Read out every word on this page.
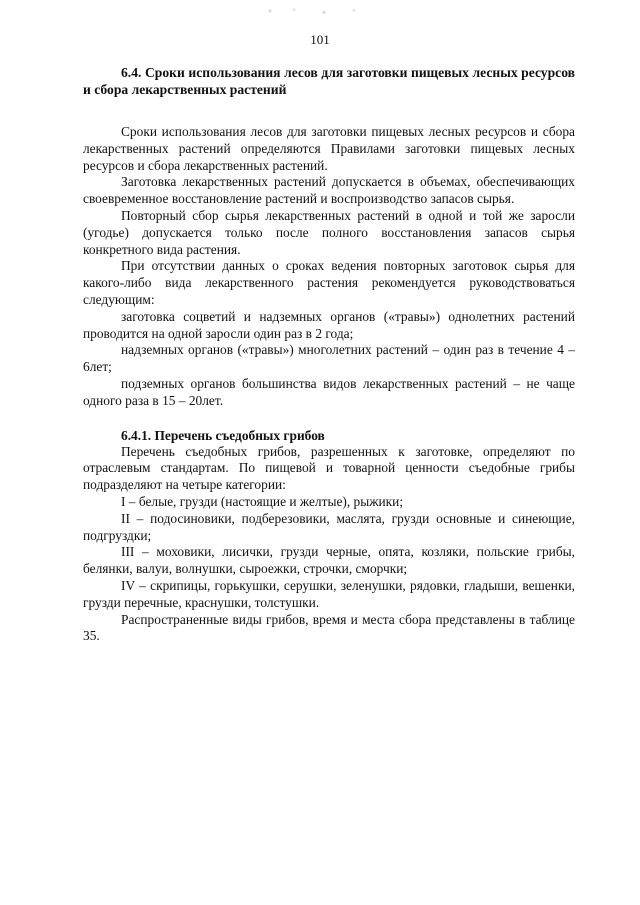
101
6.4. Сроки использования лесов для заготовки пищевых лесных ресурсов и сбора лекарственных растений

Сроки использования лесов для заготовки пищевых лесных ресурсов и сбора лекарственных растений определяются Правилами заготовки пищевых лесных ресурсов и сбора лекарственных растений.

Заготовка лекарственных растений допускается в объемах, обеспечивающих своевременное восстановление растений и воспроизводство запасов сырья.

Повторный сбор сырья лекарственных растений в одной и той же заросли (угодье) допускается только после полного восстановления запасов сырья конкретного вида растения.

При отсутствии данных о сроках ведения повторных заготовок сырья для какого-либо вида лекарственного растения рекомендуется руководствоваться следующим:

заготовка соцветий и надземных органов («травы») однолетних растений проводится на одной заросли один раз в 2 года;

надземных органов («травы») многолетних растений – один раз в течение 4 – 6лет;

подземных органов большинства видов лекарственных растений – не чаще одного раза в 15 – 20лет.

6.4.1. Перечень съедобных грибов

Перечень съедобных грибов, разрешенных к заготовке, определяют по отраслевым стандартам. По пищевой и товарной ценности съедобные грибы подразделяют на четыре категории:

I – белые, грузди (настоящие и желтые), рыжики;

II – подосиновики, подберезовики, маслята, грузди основные и синеющие, подгруздки;

III – моховики, лисички, грузди черные, опята, козляки, польские грибы, белянки, валуи, волнушки, сыроежки, строчки, сморчки;

IV – скрипицы, горькушки, серушки, зеленушки, рядовки, гладыши, вешенки, грузди перечные, краснушки, толстушки.

Распространенные виды грибов, время и места сбора представлены в таблице 35.
